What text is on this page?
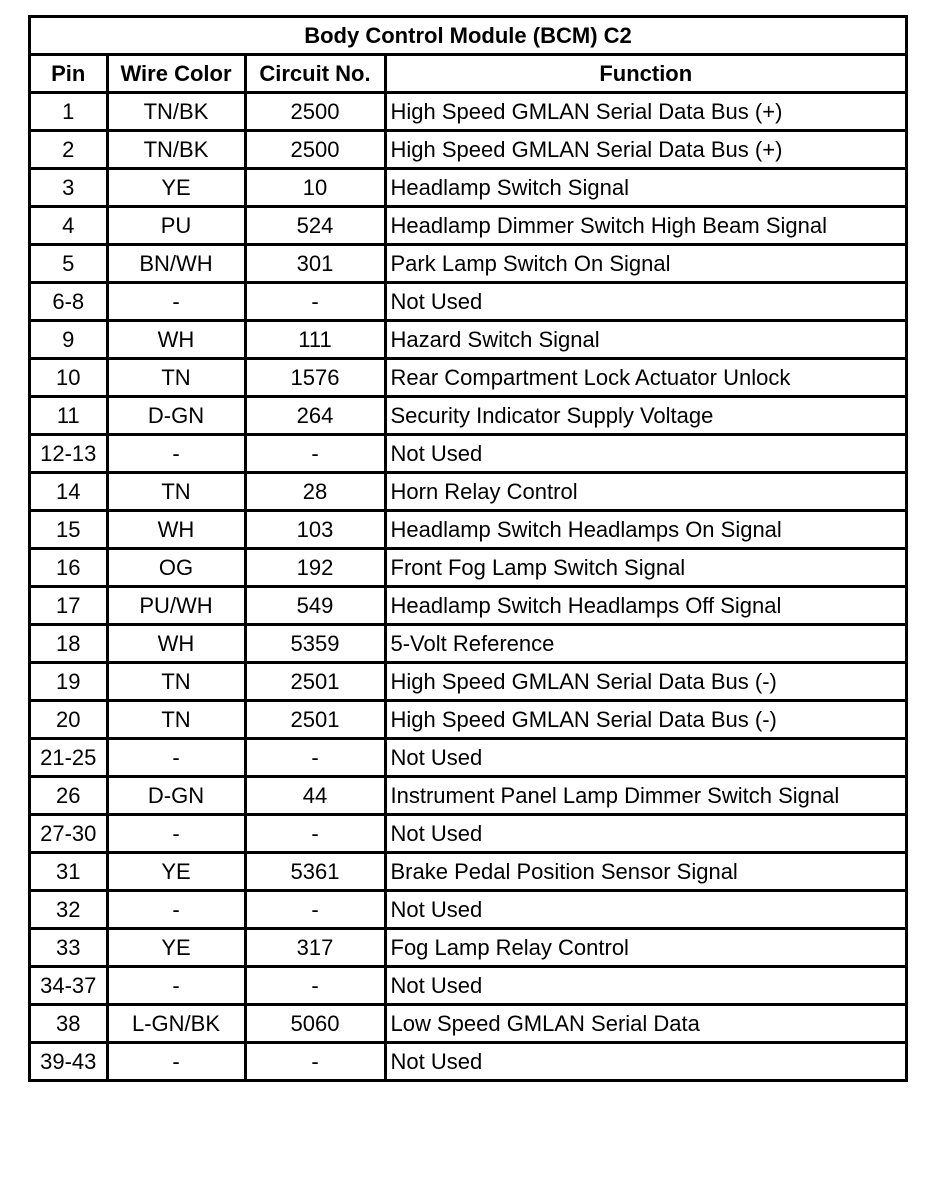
Body Control Module (BCM) C2			
Pin	Wire Color	Circuit No.	Function
1	TN/BK	2500	High Speed GMLAN Serial Data Bus (+)
2	TN/BK	2500	High Speed GMLAN Serial Data Bus (+)
3	YE	10	Headlamp Switch Signal
4	PU	524	Headlamp Dimmer Switch High Beam Signal
5	BN/WH	301	Park Lamp Switch On Signal
6-8	-	-	Not Used
9	WH	111	Hazard Switch Signal
10	TN	1576	Rear Compartment Lock Actuator Unlock
11	D-GN	264	Security Indicator Supply Voltage
12-13	-	-	Not Used
14	TN	28	Horn Relay Control
15	WH	103	Headlamp Switch Headlamps On Signal
16	OG	192	Front Fog Lamp Switch Signal
17	PU/WH	549	Headlamp Switch Headlamps Off Signal
18	WH	5359	5-Volt Reference
19	TN	2501	High Speed GMLAN Serial Data Bus (-)
20	TN	2501	High Speed GMLAN Serial Data Bus (-)
21-25	-	-	Not Used
26	D-GN	44	Instrument Panel Lamp Dimmer Switch Signal
27-30	-	-	Not Used
31	YE	5361	Brake Pedal Position Sensor Signal
32	-	-	Not Used
33	YE	317	Fog Lamp Relay Control
34-37	-	-	Not Used
38	L-GN/BK	5060	Low Speed GMLAN Serial Data
39-43	-	-	Not Used
